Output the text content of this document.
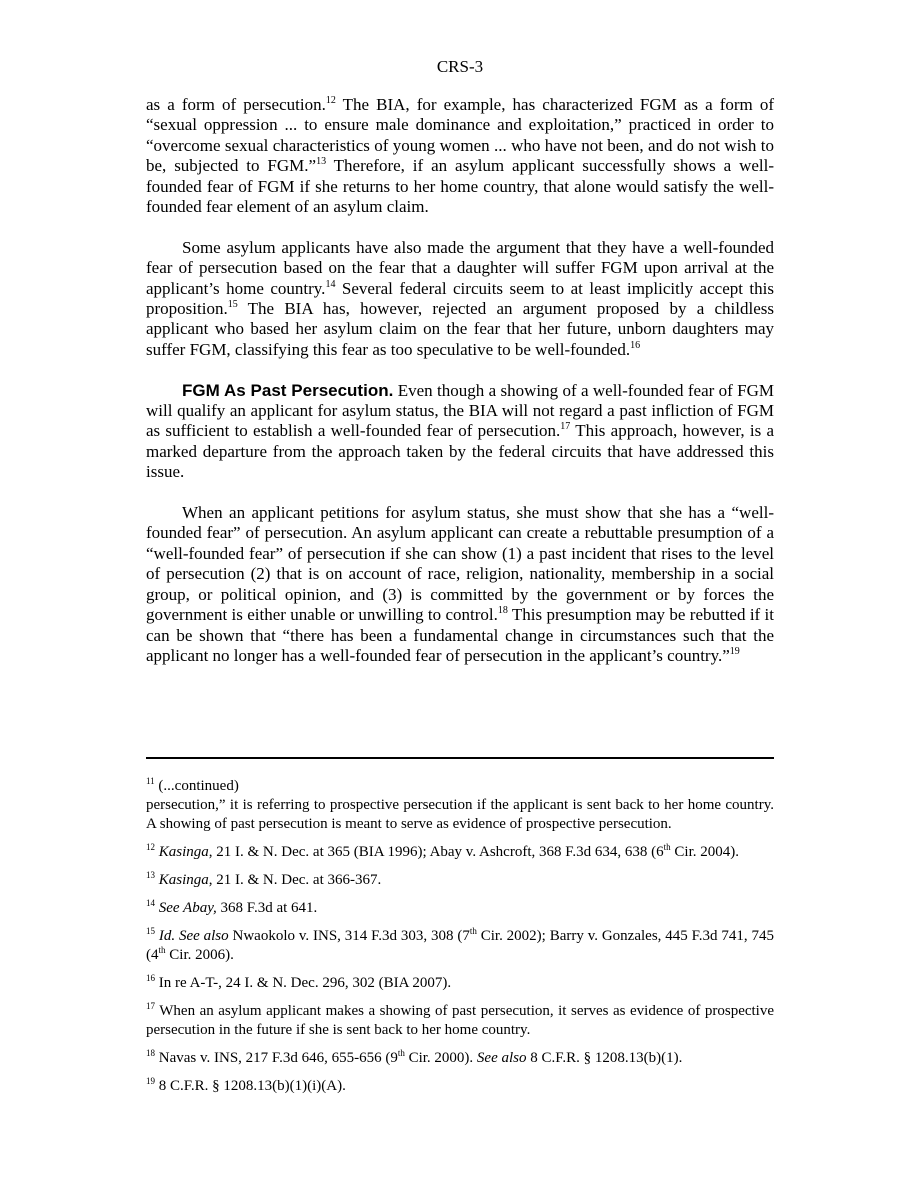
CRS-3

as a form of persecution.$^{12}$ The BIA, for example, has characterized FGM as a form of “sexual oppression ... to ensure male dominance and exploitation,” practiced in order to “overcome sexual characteristics of young women ... who have not been, and do not wish to be, subjected to FGM.”$^{13}$ Therefore, if an asylum applicant successfully shows a well-founded fear of FGM if she returns to her home country, that alone would satisfy the well-founded fear element of an asylum claim.

Some asylum applicants have also made the argument that they have a well-founded fear of persecution based on the fear that a daughter will suffer FGM upon arrival at the applicant’s home country.$^{14}$ Several federal circuits seem to at least implicitly accept this proposition.$^{15}$ The BIA has, however, rejected an argument proposed by a childless applicant who based her asylum claim on the fear that her future, unborn daughters may suffer FGM, classifying this fear as too speculative to be well-founded.$^{16}$

FGM As Past Persecution. Even though a showing of a well-founded fear of FGM will qualify an applicant for asylum status, the BIA will not regard a past infliction of FGM as sufficient to establish a well-founded fear of persecution.$^{17}$ This approach, however, is a marked departure from the approach taken by the federal circuits that have addressed this issue.

When an applicant petitions for asylum status, she must show that she has a “well-founded fear” of persecution. An asylum applicant can create a rebuttable presumption of a “well-founded fear” of persecution if she can show (1) a past incident that rises to the level of persecution (2) that is on account of race, religion, nationality, membership in a social group, or political opinion, and (3) is committed by the government or by forces the government is either unable or unwilling to control.$^{18}$ This presumption may be rebutted if it can be shown that “there has been a fundamental change in circumstances such that the applicant no longer has a well-founded fear of persecution in the applicant’s country.”$^{19}$

$^{11}$ (...continued)
persecution,” it is referring to prospective persecution if the applicant is sent back to her home country. A showing of past persecution is meant to serve as evidence of prospective persecution.
$^{12}$ Kasinga, 21 I. & N. Dec. at 365 (BIA 1996); Abay v. Ashcroft, 368 F.3d 634, 638 (6th Cir. 2004).
$^{13}$ Kasinga, 21 I. & N. Dec. at 366-367.
$^{14}$ See Abay, 368 F.3d at 641.
$^{15}$ Id. See also Nwaokolo v. INS, 314 F.3d 303, 308 (7th Cir. 2002); Barry v. Gonzales, 445 F.3d 741, 745 (4th Cir. 2006).
$^{16}$ In re A-T-, 24 I. & N. Dec. 296, 302 (BIA 2007).
$^{17}$ When an asylum applicant makes a showing of past persecution, it serves as evidence of prospective persecution in the future if she is sent back to her home country.
$^{18}$ Navas v. INS, 217 F.3d 646, 655-656 (9th Cir. 2000). See also 8 C.F.R. § 1208.13(b)(1).
$^{19}$ 8 C.F.R. § 1208.13(b)(1)(i)(A).
